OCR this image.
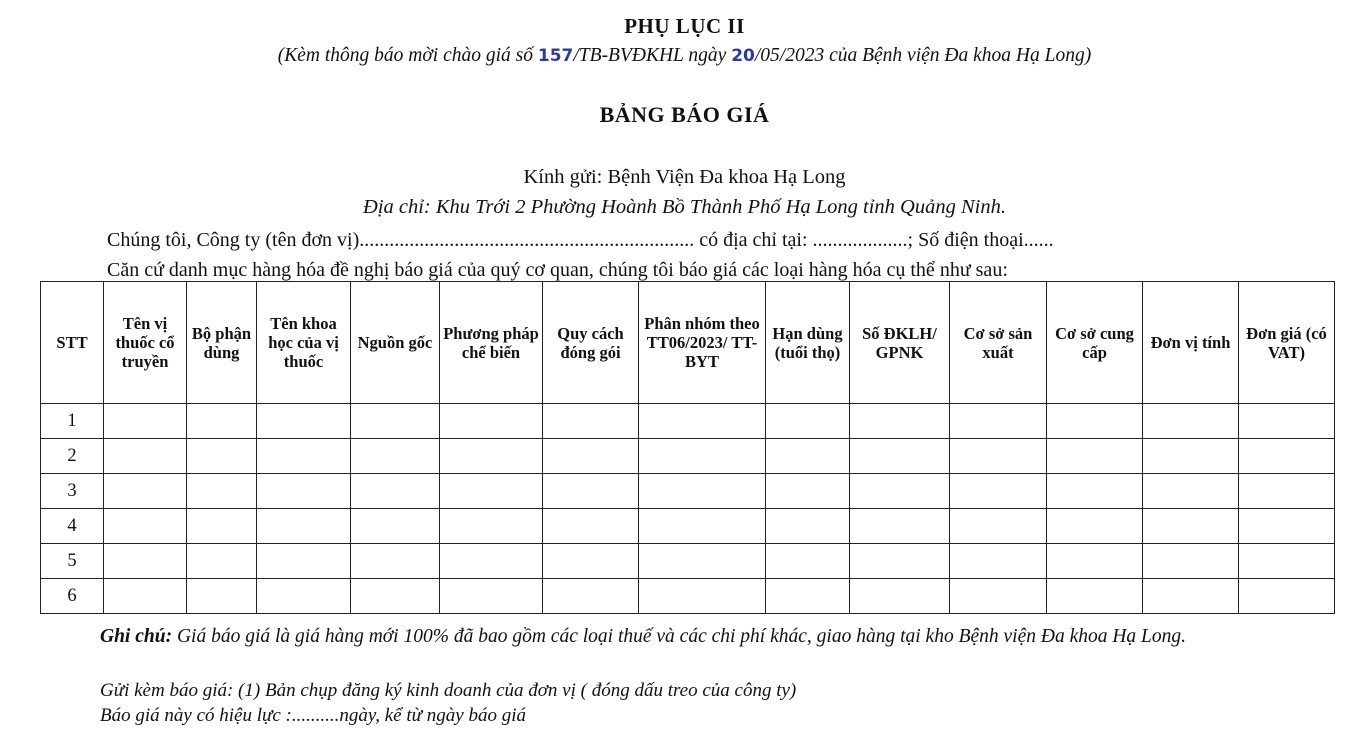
PHỤ LỤC II
(Kèm thông báo mời chào giá số 157/TB-BVĐKHL ngày 20/05/2023 của Bệnh viện Đa khoa Hạ Long)
BẢNG BÁO GIÁ
Kính gửi: Bệnh Viện Đa khoa Hạ Long
Địa chỉ: Khu Trới 2 Phường Hoành Bồ Thành Phố Hạ Long tỉnh Quảng Ninh.
Chúng tôi, Công ty (tên đơn vị)................................................................... có địa chỉ tại: ...................; Số điện thoại......
Căn cứ danh mục hàng hóa đề nghị báo giá của quý cơ quan, chúng tôi báo giá các loại hàng hóa cụ thể như sau:
STT	Tên vị thuốc cổ truyền	Bộ phận dùng	Tên khoa học của vị thuốc	Nguồn gốc	Phương pháp chế biến	Quy cách đóng gói	Phân nhóm theo TT06/2023/ TT-BYT	Hạn dùng (tuổi thọ)	Số ĐKLH/ GPNK	Cơ sở sản xuất	Cơ sở cung cấp	Đơn vị tính	Đơn giá (có VAT)
1													
2													
3													
4													
5													
6													
Ghi chú: Giá báo giá là giá hàng mới 100% đã bao gồm các loại thuế và các chi phí khác, giao hàng tại kho Bệnh viện Đa khoa Hạ Long.
Gửi kèm báo giá: (1) Bản chụp đăng ký kinh doanh của đơn vị ( đóng dấu treo của công ty)
Báo giá này có hiệu lực :..........ngày, kể từ ngày báo giá
